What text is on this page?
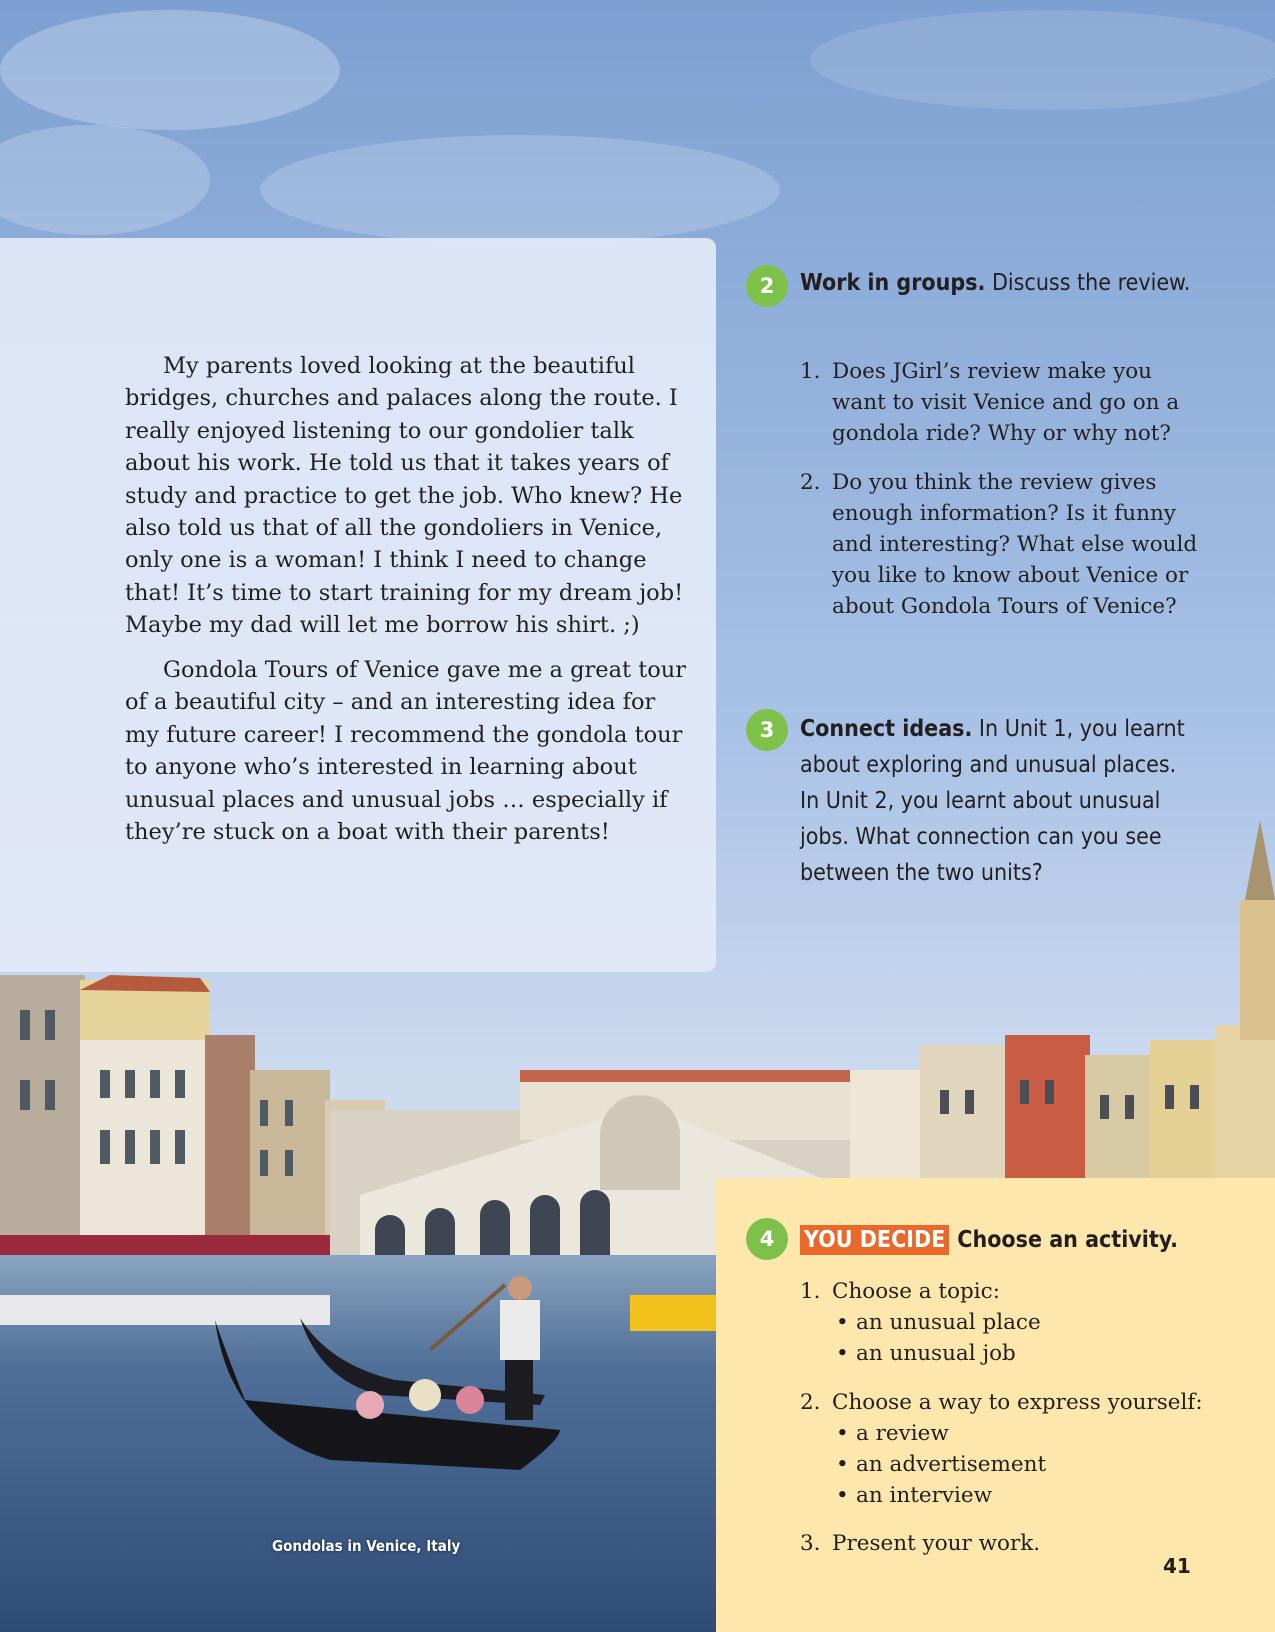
My parents loved looking at the beautiful bridges, churches and palaces along the route. I really enjoyed listening to our gondolier talk about his work. He told us that it takes years of study and practice to get the job. Who knew? He also told us that of all the gondoliers in Venice, only one is a woman! I think I need to change that! It’s time to start training for my dream job! Maybe my dad will let me borrow his shirt. ;)

Gondola Tours of Venice gave me a great tour of a beautiful city – and an interesting idea for my future career! I recommend the gondola tour to anyone who’s interested in learning about unusual places and unusual jobs … especially if they’re stuck on a boat with their parents!

2	Work in groups. Discuss the review.
1. Does JGirl’s review make you want to visit Venice and go on a gondola ride? Why or why not?
2. Do you think the review gives enough information? Is it funny and interesting? What else would you like to know about Venice or about Gondola Tours of Venice?
3	Connect ideas. In Unit 1, you learnt about exploring and unusual places. In Unit 2, you learnt about unusual jobs. What connection can you see between the two units?
4	YOU DECIDE Choose an activity.
1. Choose a topic:
• an unusual place
• an unusual job
2. Choose a way to express yourself:
• a review
• an advertisement
• an interview
3. Present your work.
Gondolas in Venice, Italy
41
